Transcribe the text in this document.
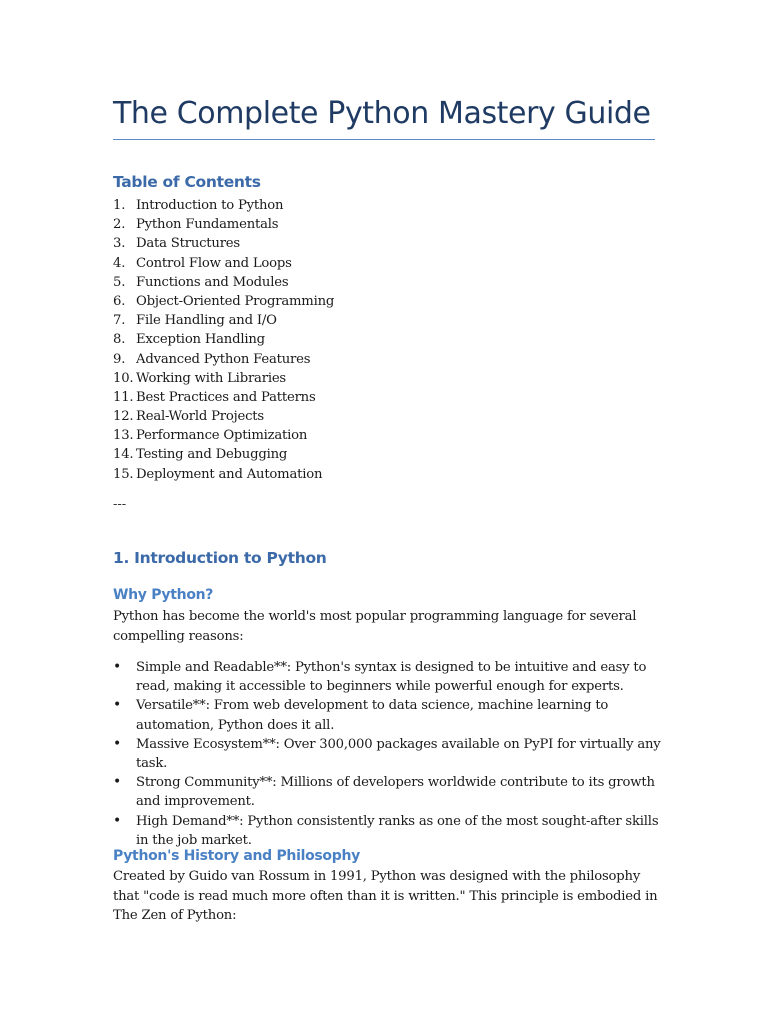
The Complete Python Mastery Guide
Table of Contents
1. Introduction to Python
2. Python Fundamentals
3. Data Structures
4. Control Flow and Loops
5. Functions and Modules
6. Object-Oriented Programming
7. File Handling and I/O
8. Exception Handling
9. Advanced Python Features
10. Working with Libraries
11. Best Practices and Patterns
12. Real-World Projects
13. Performance Optimization
14. Testing and Debugging
15. Deployment and Automation
---
1. Introduction to Python
Why Python?

Python has become the world's most popular programming language for several compelling reasons:

• Simple and Readable**: Python's syntax is designed to be intuitive and easy to read, making it accessible to beginners while powerful enough for experts.
• Versatile**: From web development to data science, machine learning to automation, Python does it all.
• Massive Ecosystem**: Over 300,000 packages available on PyPI for virtually any task.
• Strong Community**: Millions of developers worldwide contribute to its growth and improvement.
• High Demand**: Python consistently ranks as one of the most sought-after skills in the job market.
Python's History and Philosophy

Created by Guido van Rossum in 1991, Python was designed with the philosophy that "code is read much more often than it is written." This principle is embodied in The Zen of Python:
